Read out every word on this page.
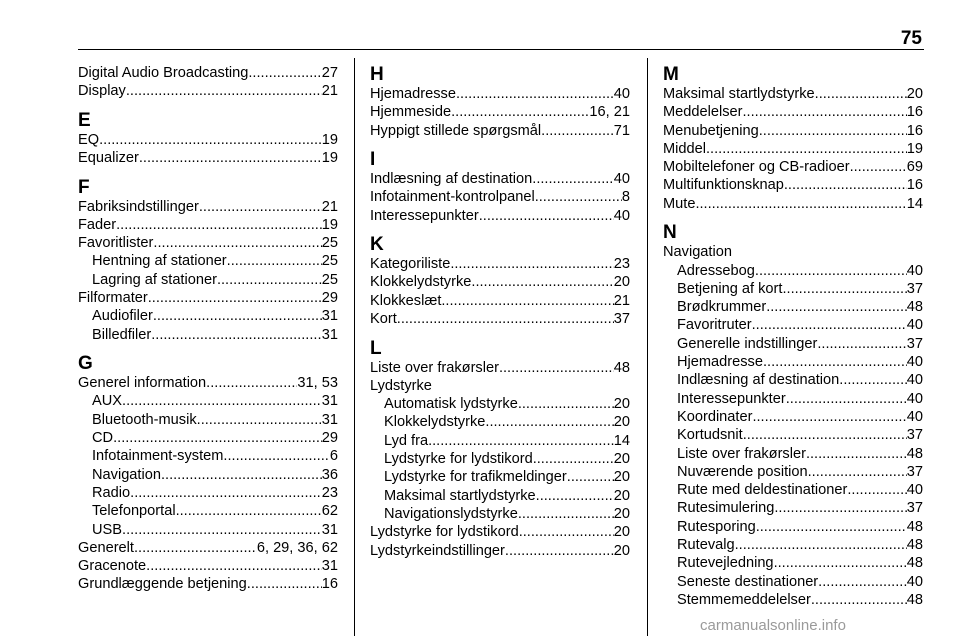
75
Digital Audio Broadcasting .....	27
Display .....	21
E
EQ .....	19
Equalizer .....	19
F
Fabriksindstillinger .....	21
Fader .....	19
Favoritlister .....	25
Hentning af stationer .....	25
Lagring af stationer .....	25
Filformater .....	29
Audiofiler .....	31
Billedfiler .....	31
G
Generel information .....	31, 53
AUX .....	31
Bluetooth-musik .....	31
CD .....	29
Infotainment-system .....	6
Navigation .....	36
Radio .....	23
Telefonportal .....	62
USB .....	31
Generelt .....	6, 29, 36, 62
Gracenote .....	31
Grundlæggende betjening .....	16
H
Hjemadresse .....	40
Hjemmeside .....	16, 21
Hyppigt stillede spørgsmål .....	71
I
Indlæsning af destination .....	40
Infotainment-kontrolpanel .....	8
Interessepunkter .....	40
K
Kategoriliste .....	23
Klokkelydstyrke .....	20
Klokkeslæt .....	21
Kort .....	37
L
Liste over frakørsler .....	48
Lydstyrke
Automatisk lydstyrke .....	20
Klokkelydstyrke .....	20
Lyd fra .....	14
Lydstyrke for lydstikord .....	20
Lydstyrke for trafikmeldinger .....	20
Maksimal startlydstyrke .....	20
Navigationslydstyrke .....	20
Lydstyrke for lydstikord .....	20
Lydstyrkeindstillinger .....	20
M
Maksimal startlydstyrke .....	20
Meddelelser .....	16
Menubetjening .....	16
Middel .....	19
Mobiltelefoner og CB-radioer .....	69
Multifunktionsknap .....	16
Mute .....	14
N
Navigation
Adressebog .....	40
Betjening af kort .....	37
Brødkrummer .....	48
Favoritruter .....	40
Generelle indstillinger .....	37
Hjemadresse .....	40
Indlæsning af destination .....	40
Interessepunkter .....	40
Koordinater .....	40
Kortudsnit .....	37
Liste over frakørsler .....	48
Nuværende position .....	37
Rute med deldestinationer .....	40
Rutesimulering .....	37
Rutesporing .....	48
Rutevalg .....	48
Rutevejledning .....	48
Seneste destinationer .....	40
Stemmemeddelelser .....	48
carmanualsonline.info
